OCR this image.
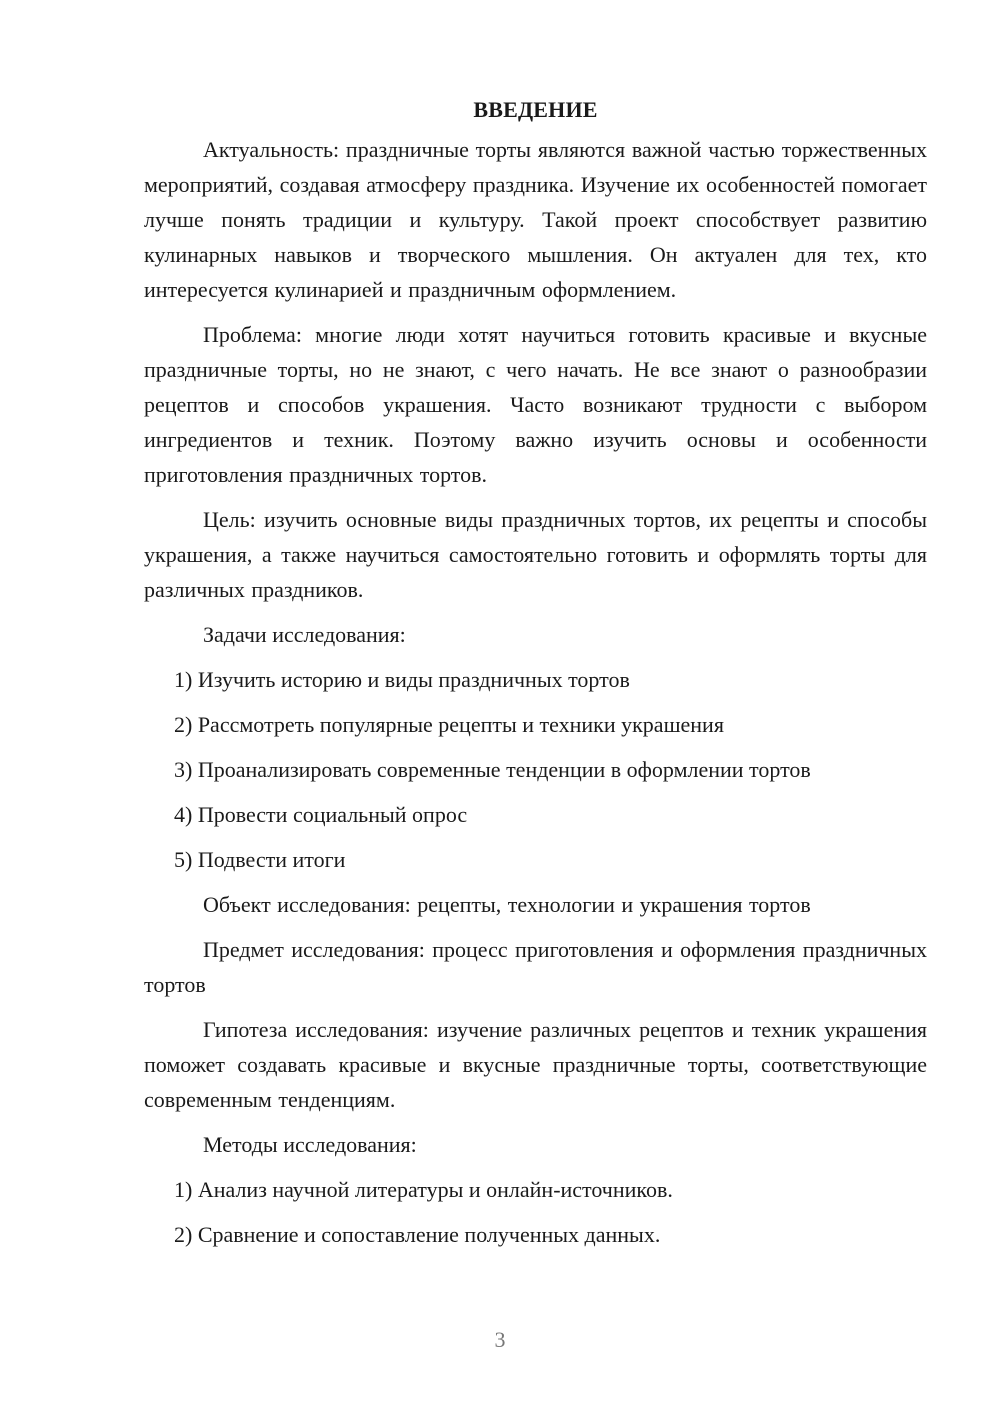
ВВЕДЕНИЕ

Актуальность: праздничные торты являются важной частью торжественных мероприятий, создавая атмосферу праздника. Изучение их особенностей помогает лучше понять традиции и культуру. Такой проект способствует развитию кулинарных навыков и творческого мышления. Он актуален для тех, кто интересуется кулинарией и праздничным оформлением.

Проблема: многие люди хотят научиться готовить красивые и вкусные праздничные торты, но не знают, с чего начать. Не все знают о разнообразии рецептов и способов украшения. Часто возникают трудности с выбором ингредиентов и техник. Поэтому важно изучить основы и особенности приготовления праздничных тортов.

Цель: изучить основные виды праздничных тортов, их рецепты и способы украшения, а также научиться самостоятельно готовить и оформлять торты для различных праздников.

Задачи исследования:
1) Изучить историю и виды праздничных тортов
2) Рассмотреть популярные рецепты и техники украшения
3) Проанализировать современные тенденции в оформлении тортов
4) Провести социальный опрос
5) Подвести итоги

Объект исследования: рецепты, технологии и украшения тортов

Предмет исследования: процесс приготовления и оформления праздничных тортов

Гипотеза исследования: изучение различных рецептов и техник украшения поможет создавать красивые и вкусные праздничные торты, соответствующие современным тенденциям.

Методы исследования:
1) Анализ научной литературы и онлайн-источников.
2) Сравнение и сопоставление полученных данных.
3
